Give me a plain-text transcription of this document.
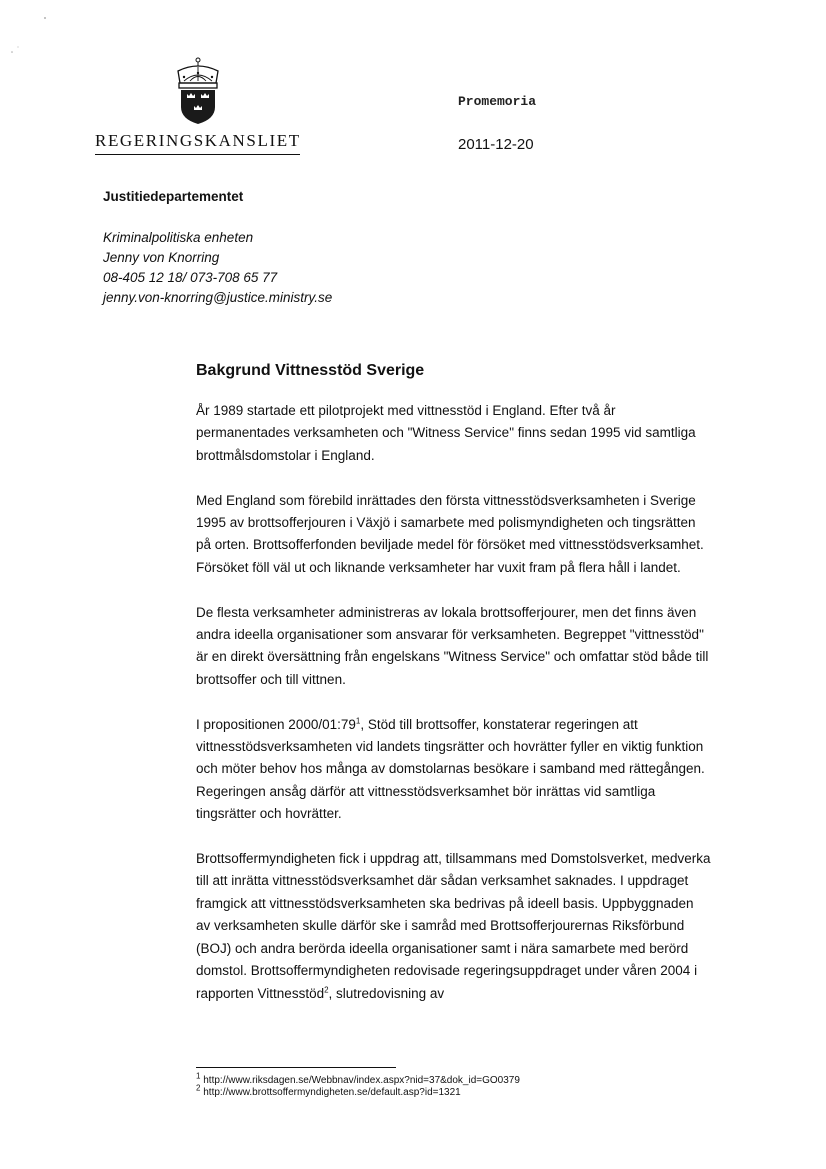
REGERINGSKANSLIET
Promemoria
2011-12-20
Justitiedepartementet
Kriminalpolitiska enheten
Jenny von Knorring
08-405 12 18/ 073-708 65 77
jenny.von-knorring@justice.ministry.se
Bakgrund Vittnesstöd Sverige

År 1989 startade ett pilotprojekt med vittnesstöd i England. Efter två år permanentades verksamheten och "Witness Service" finns sedan 1995 vid samtliga brottmålsdomstolar i England.

Med England som förebild inrättades den första vittnesstödsverksamheten i Sverige 1995 av brottsofferjouren i Växjö i samarbete med polismyndigheten och tingsrätten på orten. Brottsofferfonden beviljade medel för försöket med vittnesstödsverksamhet. Försöket föll väl ut och liknande verksamheter har vuxit fram på flera håll i landet.

De flesta verksamheter administreras av lokala brottsofferjourer, men det finns även andra ideella organisationer som ansvarar för verksamheten. Begreppet "vittnesstöd" är en direkt översättning från engelskans "Witness Service" och omfattar stöd både till brottsoffer och till vittnen.

I propositionen $2000/01:79^1$, Stöd till brottsoffer, konstaterar regeringen att vittnesstödsverksamheten vid landets tingsrätter och hovrätter fyller en viktig funktion och möter behov hos många av domstolarnas besökare i samband med rättegången. Regeringen ansåg därför att vittnesstödsverksamhet bör inrättas vid samtliga tingsrätter och hovrätter.

Brottsoffermyndigheten fick i uppdrag att, tillsammans med Domstolsverket, medverka till att inrätta vittnesstödsverksamhet där sådan verksamhet saknades. I uppdraget framgick att vittnesstödsverksamheten ska bedrivas på ideell basis. Uppbyggnaden av verksamheten skulle därför ske i samråd med Brottsofferjourernas Riksförbund (BOJ) och andra berörda ideella organisationer samt i nära samarbete med berörd domstol. Brottsoffermyndigheten redovisade regeringsuppdraget under våren 2004 i rapporten Vittnesstöd$^2$, slutredovisning av

$^1$ http://www.riksdagen.se/Webbnav/index.aspx?nid=37&dok_id=GO0379
$^2$ http://www.brottsoffermyndigheten.se/default.asp?id=1321
